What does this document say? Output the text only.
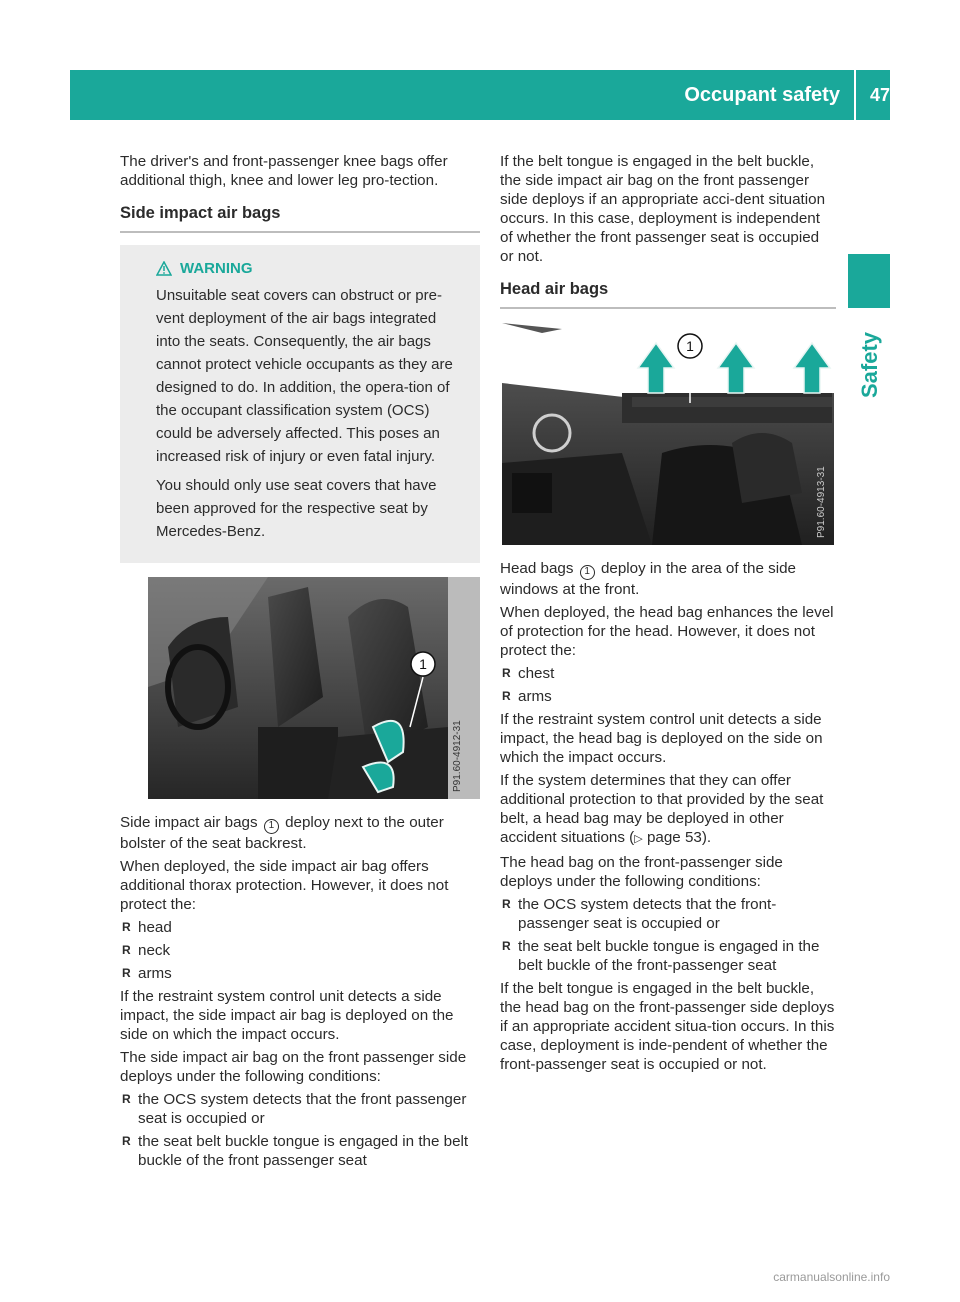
Occupant safety 47
Safety

The driver's and front-passenger knee bags offer additional thigh, knee and lower leg pro-tection.

Side impact air bags
WARNING

Unsuitable seat covers can obstruct or pre-vent deployment of the air bags integrated into the seats. Consequently, the air bags cannot protect vehicle occupants as they are designed to do. In addition, the opera-tion of the occupant classification system (OCS) could be adversely affected. This poses an increased risk of injury or even fatal injury.

You should only use seat covers that have been approved for the respective seat by Mercedes-Benz.

1
P91.60-4912-31

Side impact air bags 1 deploy next to the outer bolster of the seat backrest.

When deployed, the side impact air bag offers additional thorax protection. However, it does not protect the:

R head
R neck
R arms

If the restraint system control unit detects a side impact, the side impact air bag is deployed on the side on which the impact occurs.

The side impact air bag on the front passenger side deploys under the following conditions:

R the OCS system detects that the front passenger seat is occupied or
R the seat belt buckle tongue is engaged in the belt buckle of the front passenger seat

If the belt tongue is engaged in the belt buckle, the side impact air bag on the front passenger side deploys if an appropriate acci-dent situation occurs. In this case, deployment is independent of whether the front passenger seat is occupied or not.

Head air bags
1
P91.60-4913-31

Head bags 1 deploy in the area of the side windows at the front.

When deployed, the head bag enhances the level of protection for the head. However, it does not protect the:

R chest
R arms

If the restraint system control unit detects a side impact, the head bag is deployed on the side on which the impact occurs.

If the system determines that they can offer additional protection to that provided by the seat belt, a head bag may be deployed in other accident situations (▷ page 53).

The head bag on the front-passenger side deploys under the following conditions:

R the OCS system detects that the front-passenger seat is occupied or
R the seat belt buckle tongue is engaged in the belt buckle of the front-passenger seat

If the belt tongue is engaged in the belt buckle, the head bag on the front-passenger side deploys if an appropriate accident situa-tion occurs. In this case, deployment is inde-pendent of whether the front-passenger seat is occupied or not.

carmanualsonline.info
